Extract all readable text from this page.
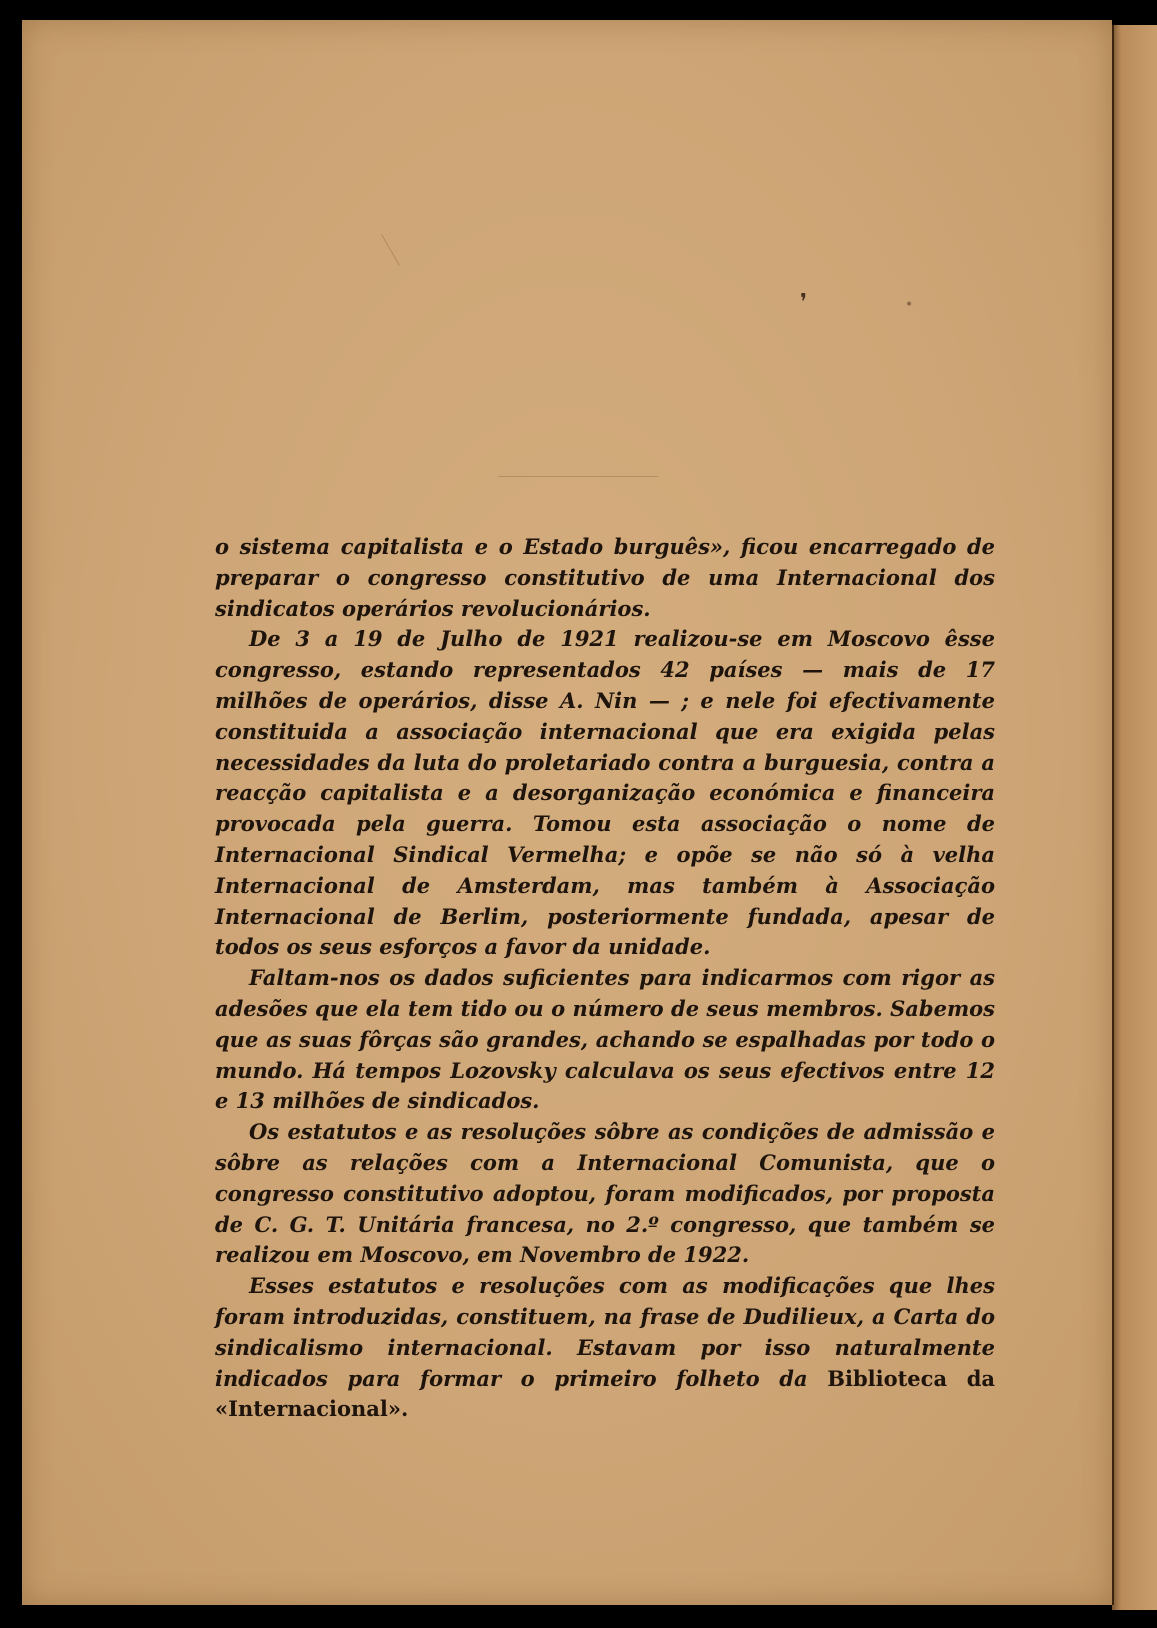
❜	•

o sistema capitalista e o Estado burguês», ficou encarregado de preparar o congresso constitutivo de uma Internacional dos sindicatos operários revolucionários.

De 3 a 19 de Julho de 1921 realizou-se em Moscovo êsse congresso, estando representados 42 países — mais de 17 milhões de operários, disse A. Nin — ; e nele foi efectivamente constituida a associação internacional que era exigida pelas necessidades da luta do proletariado contra a burguesia, contra a reacção capitalista e a desorganização económica e financeira provocada pela guerra. Tomou esta associação o nome de Internacional Sindical Vermelha; e opõe se não só à velha Internacional de Amsterdam, mas também à Associação Internacional de Berlim, posteriormente fundada, apesar de todos os seus esforços a favor da unidade.

Faltam-nos os dados suficientes para indicarmos com rigor as adesões que ela tem tido ou o número de seus membros. Sabemos que as suas fôrças são grandes, achando se espalhadas por todo o mundo. Há tempos Lozovsky calculava os seus efectivos entre 12 e 13 milhões de sindicados.

Os estatutos e as resoluções sôbre as condições de admissão e sôbre as relações com a Internacional Comunista, que o congresso constitutivo adoptou, foram modificados, por proposta de C. G. T. Unitária francesa, no 2.º congresso, que também se realizou em Moscovo, em Novembro de 1922.

Esses estatutos e resoluções com as modificações que lhes foram introduzidas, constituem, na frase de Dudilieux, a Carta do sindicalismo internacional. Estavam por isso naturalmente indicados para formar o primeiro folheto da Biblioteca da «Internacional».
